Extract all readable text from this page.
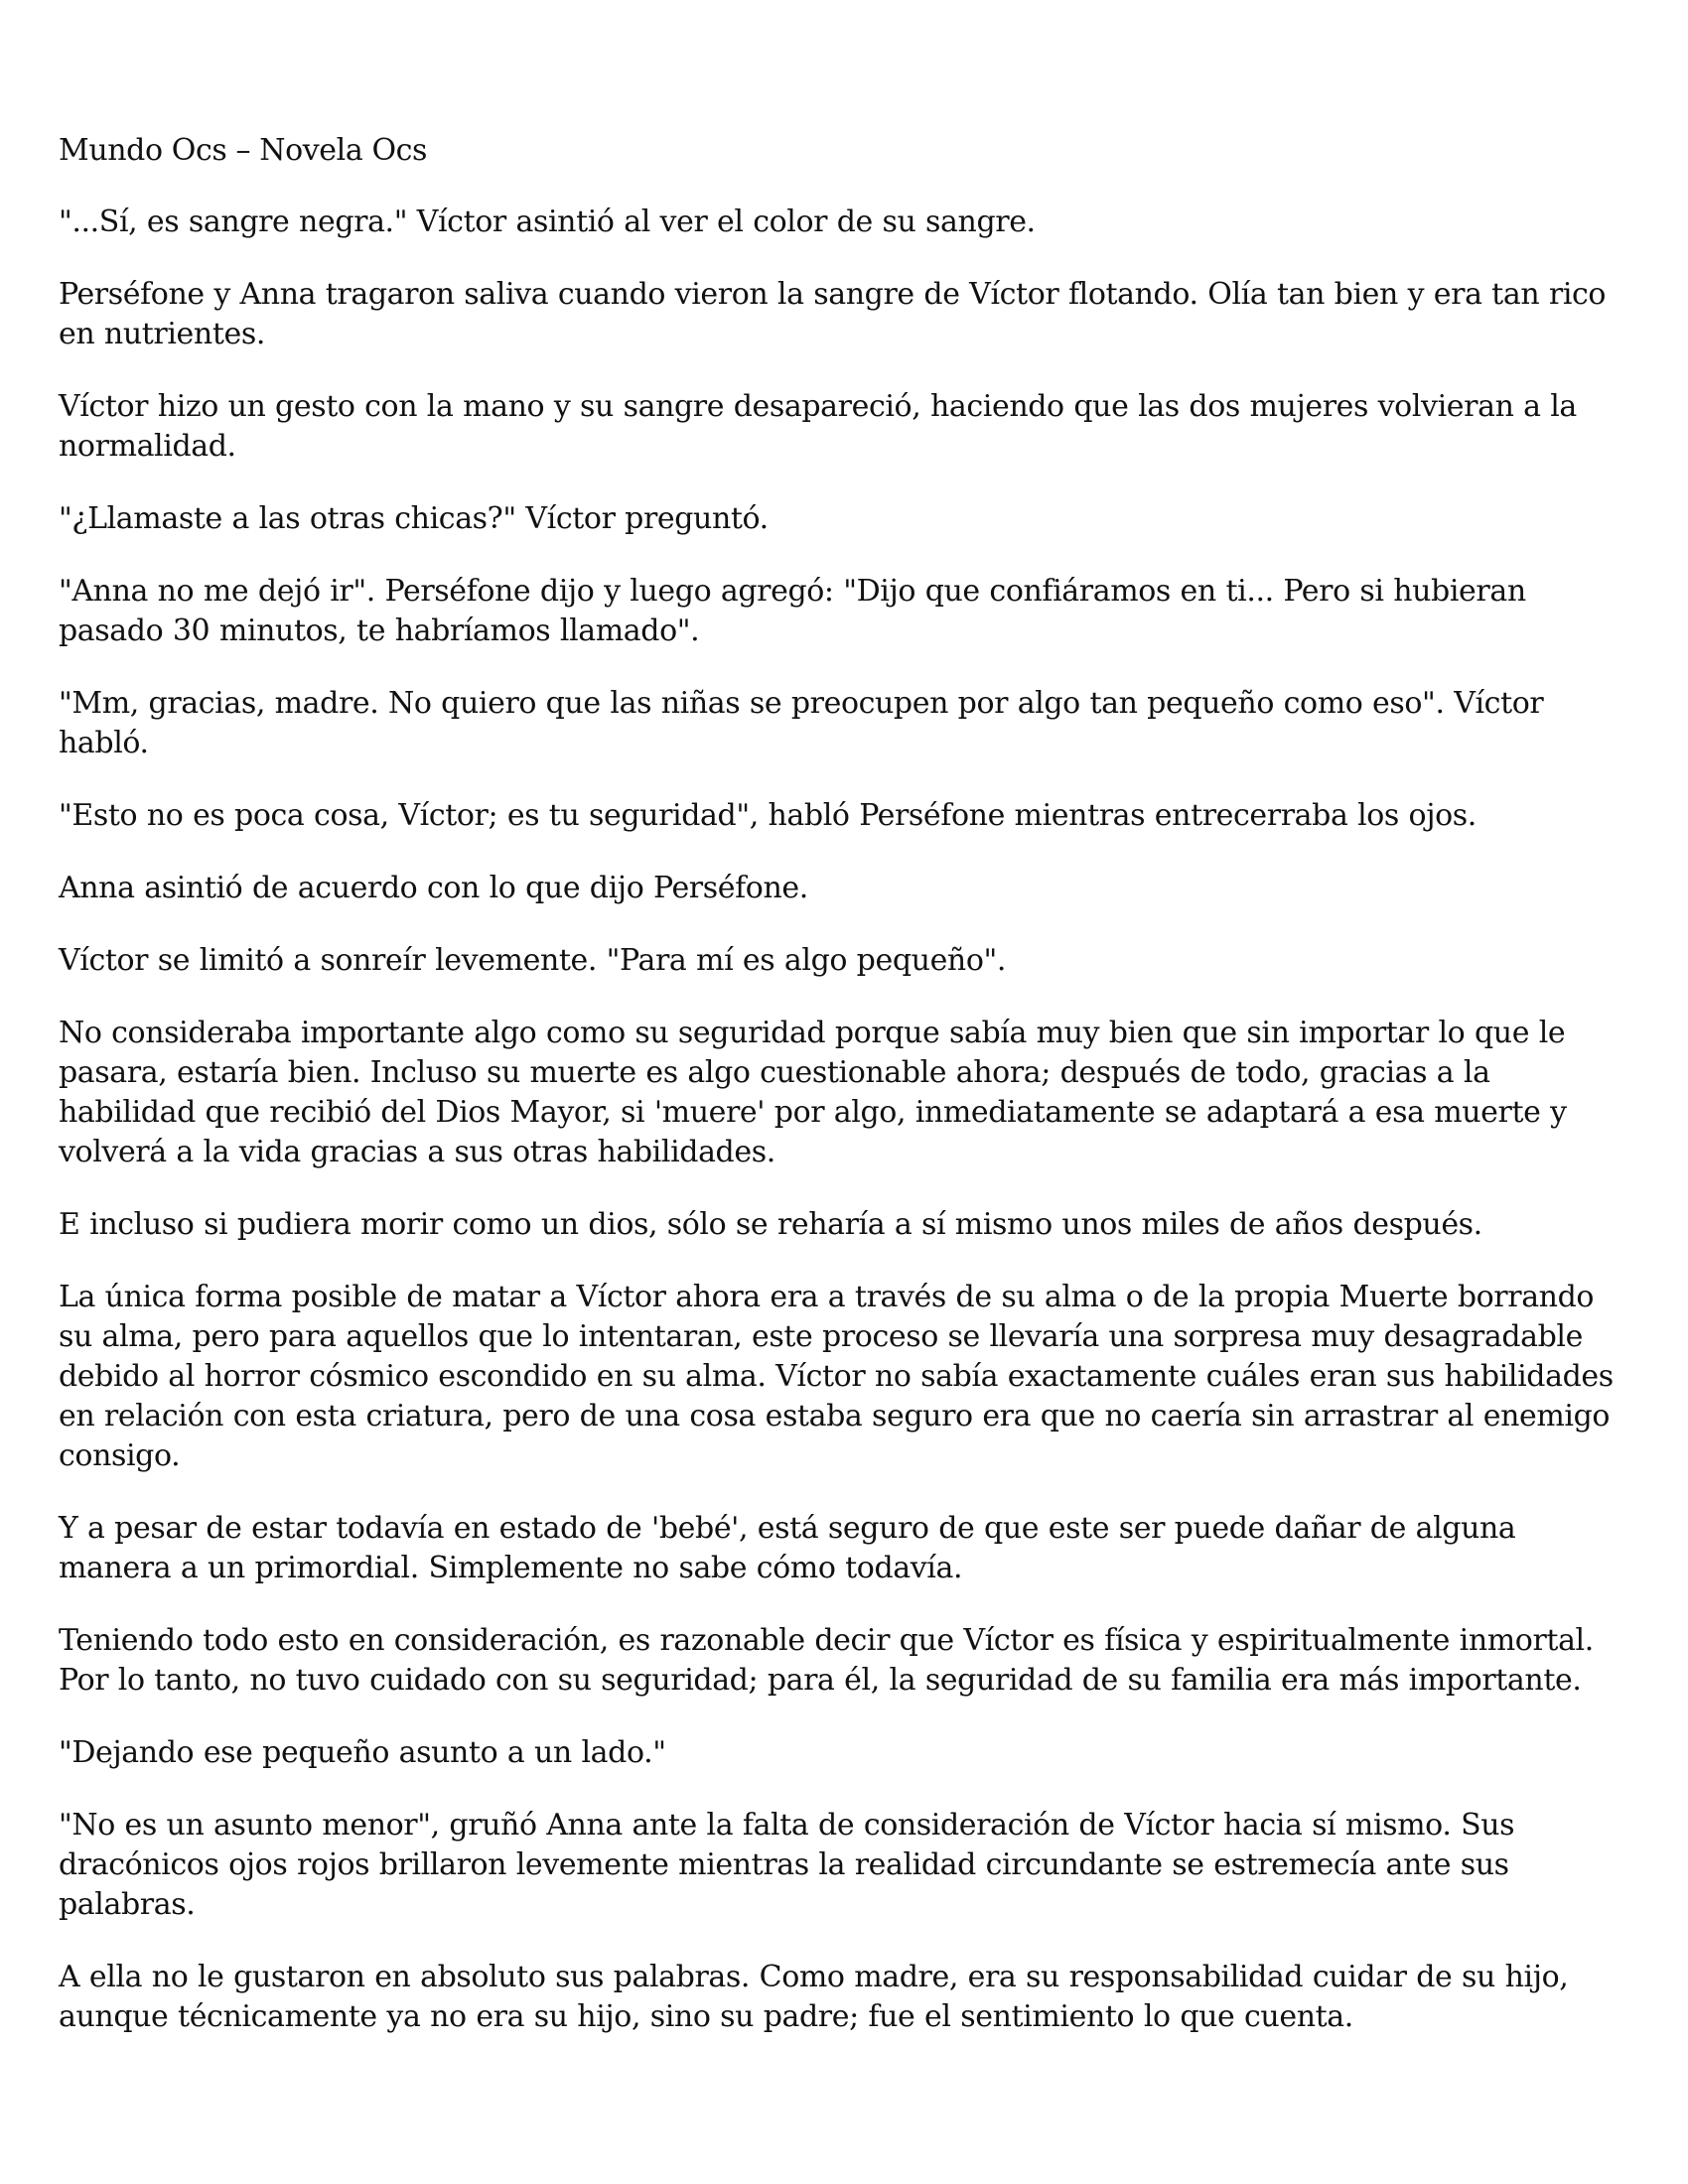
Mundo Ocs – Novela Ocs

"...Sí, es sangre negra." Víctor asintió al ver el color de su sangre.

Perséfone y Anna tragaron saliva cuando vieron la sangre de Víctor flotando. Olía tan bien y era tan rico en nutrientes.

Víctor hizo un gesto con la mano y su sangre desapareció, haciendo que las dos mujeres volvieran a la normalidad.

"¿Llamaste a las otras chicas?" Víctor preguntó.

"Anna no me dejó ir". Perséfone dijo y luego agregó: "Dijo que confiáramos en ti... Pero si hubieran pasado 30 minutos, te habríamos llamado".

"Mm, gracias, madre. No quiero que las niñas se preocupen por algo tan pequeño como eso". Víctor habló.

"Esto no es poca cosa, Víctor; es tu seguridad", habló Perséfone mientras entrecerraba los ojos.

Anna asintió de acuerdo con lo que dijo Perséfone.

Víctor se limitó a sonreír levemente. "Para mí es algo pequeño".

No consideraba importante algo como su seguridad porque sabía muy bien que sin importar lo que le pasara, estaría bien. Incluso su muerte es algo cuestionable ahora; después de todo, gracias a la habilidad que recibió del Dios Mayor, si 'muere' por algo, inmediatamente se adaptará a esa muerte y volverá a la vida gracias a sus otras habilidades.

E incluso si pudiera morir como un dios, sólo se reharía a sí mismo unos miles de años después.

La única forma posible de matar a Víctor ahora era a través de su alma o de la propia Muerte borrando su alma, pero para aquellos que lo intentaran, este proceso se llevaría una sorpresa muy desagradable debido al horror cósmico escondido en su alma. Víctor no sabía exactamente cuáles eran sus habilidades en relación con esta criatura, pero de una cosa estaba seguro era que no caería sin arrastrar al enemigo consigo.

Y a pesar de estar todavía en estado de 'bebé', está seguro de que este ser puede dañar de alguna manera a un primordial. Simplemente no sabe cómo todavía.

Teniendo todo esto en consideración, es razonable decir que Víctor es física y espiritualmente inmortal. Por lo tanto, no tuvo cuidado con su seguridad; para él, la seguridad de su familia era más importante.

"Dejando ese pequeño asunto a un lado."

"No es un asunto menor", gruñó Anna ante la falta de consideración de Víctor hacia sí mismo. Sus dracónicos ojos rojos brillaron levemente mientras la realidad circundante se estremecía ante sus palabras.

A ella no le gustaron en absoluto sus palabras. Como madre, era su responsabilidad cuidar de su hijo, aunque técnicamente ya no era su hijo, sino su padre; fue el sentimiento lo que cuenta.
